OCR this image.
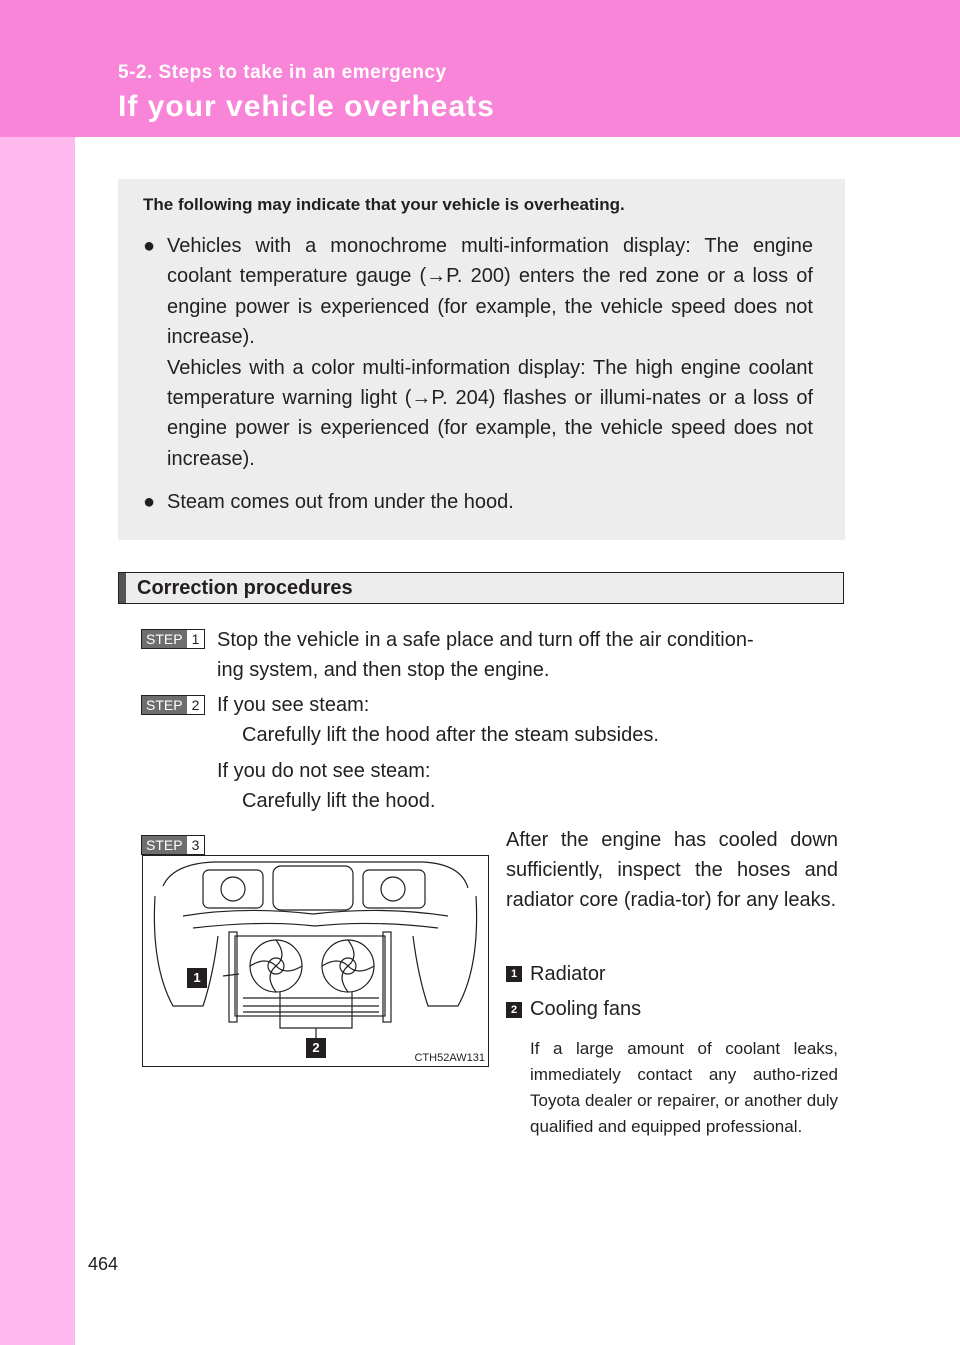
5-2. Steps to take in an emergency
If your vehicle overheats
The following may indicate that your vehicle is overheating.
● Vehicles with a monochrome multi-information display: The engine coolant temperature gauge (→P. 200) enters the red zone or a loss of engine power is experienced (for example, the vehicle speed does not increase).

Vehicles with a color multi-information display: The high engine coolant temperature warning light (→P. 204) flashes or illumi-nates or a loss of engine power is experienced (for example, the vehicle speed does not increase).

● Steam comes out from under the hood.

Correction procedures
STEP 1 Stop the vehicle in a safe place and turn off the air condition-
ing system, and then stop the engine.
STEP 2 If you see steam:
Carefully lift the hood after the steam subsides.
If you do not see steam:
Carefully lift the hood.
STEP 3
1
2
CTH52AW131
After the engine has cooled down sufficiently, inspect the hoses and radiator core (radia-tor) for any leaks.
1 Radiator
2 Cooling fans
If a large amount of coolant leaks, immediately contact any autho-rized Toyota dealer or repairer, or another duly qualified and equipped professional.
464
